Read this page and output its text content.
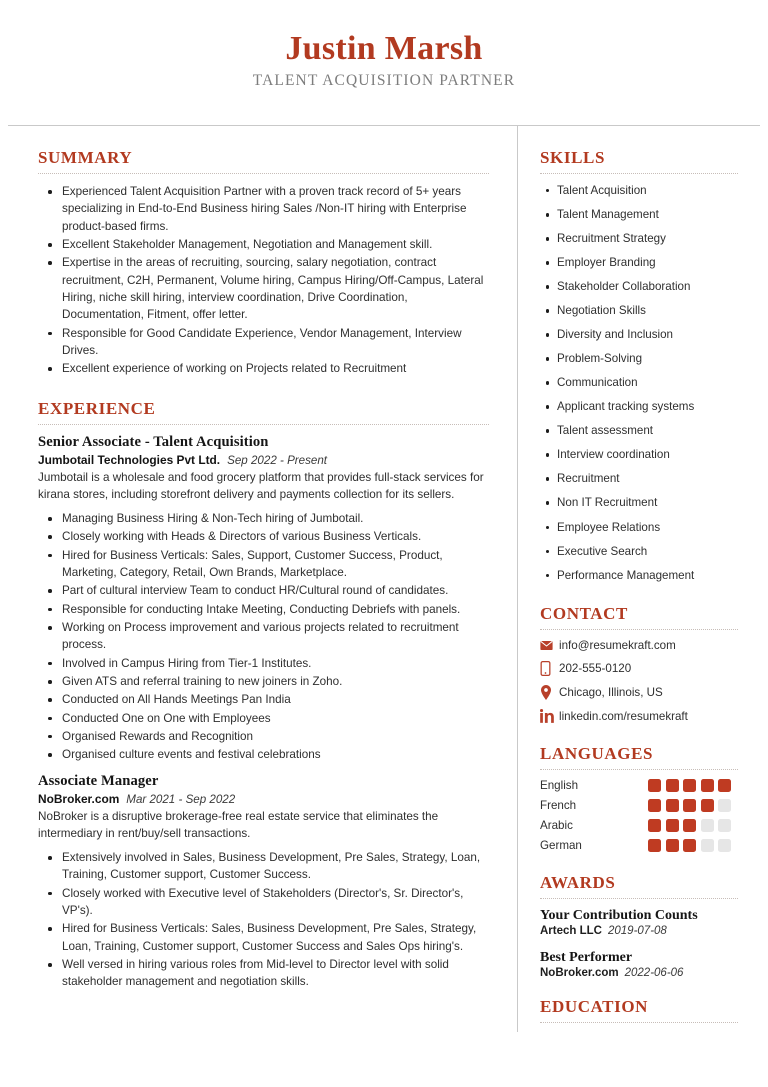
Justin Marsh

TALENT ACQUISITION PARTNER

SUMMARY
Experienced Talent Acquisition Partner with a proven track record of 5+ years specializing in End-to-End Business hiring Sales /Non-IT hiring with Enterprise product-based firms.
Excellent Stakeholder Management, Negotiation and Management skill.
Expertise in the areas of recruiting, sourcing, salary negotiation, contract recruitment, C2H, Permanent, Volume hiring, Campus Hiring/Off-Campus, Lateral Hiring, niche skill hiring, interview coordination, Drive Coordination, Documentation, Fitment, offer letter.
Responsible for Good Candidate Experience, Vendor Management, Interview Drives.
Excellent experience of working on Projects related to Recruitment
EXPERIENCE
Senior Associate - Talent Acquisition
Jumbotail Technologies Pvt Ltd. Sep 2022 - Present
Jumbotail is a wholesale and food grocery platform that provides full-stack services for kirana stores, including storefront delivery and payments collection for its sellers.
Managing Business Hiring & Non-Tech hiring of Jumbotail.
Closely working with Heads & Directors of various Business Verticals.
Hired for Business Verticals: Sales, Support, Customer Success, Product, Marketing, Category, Retail, Own Brands, Marketplace.
Part of cultural interview Team to conduct HR/Cultural round of candidates.
Responsible for conducting Intake Meeting, Conducting Debriefs with panels.
Working on Process improvement and various projects related to recruitment process.
Involved in Campus Hiring from Tier-1 Institutes.
Given ATS and referral training to new joiners in Zoho.
Conducted on All Hands Meetings Pan India
Conducted One on One with Employees
Organised Rewards and Recognition
Organised culture events and festival celebrations
Associate Manager
NoBroker.com Mar 2021 - Sep 2022
NoBroker is a disruptive brokerage-free real estate service that eliminates the intermediary in rent/buy/sell transactions.
Extensively involved in Sales, Business Development, Pre Sales, Strategy, Loan, Training, Customer support, Customer Success.
Closely worked with Executive level of Stakeholders (Director's, Sr. Director's, VP's).
Hired for Business Verticals: Sales, Business Development, Pre Sales, Strategy, Loan, Training, Customer support, Customer Success and Sales Ops hiring's.
Well versed in hiring various roles from Mid-level to Director level with solid stakeholder management and negotiation skills.
SKILLS
Talent Acquisition
Talent Management
Recruitment Strategy
Employer Branding
Stakeholder Collaboration
Negotiation Skills
Diversity and Inclusion
Problem-Solving
Communication
Applicant tracking systems
Talent assessment
Interview coordination
Recruitment
Non IT Recruitment
Employee Relations
Executive Search
Performance Management
CONTACT
info@resumekraft.com
202-555-0120
Chicago, Illinois, US
linkedin.com/resumekraft
LANGUAGES
English
French
Arabic
German
AWARDS
Your Contribution Counts
Artech LLC 2019-07-08
Best Performer
NoBroker.com 2022-06-06
EDUCATION
